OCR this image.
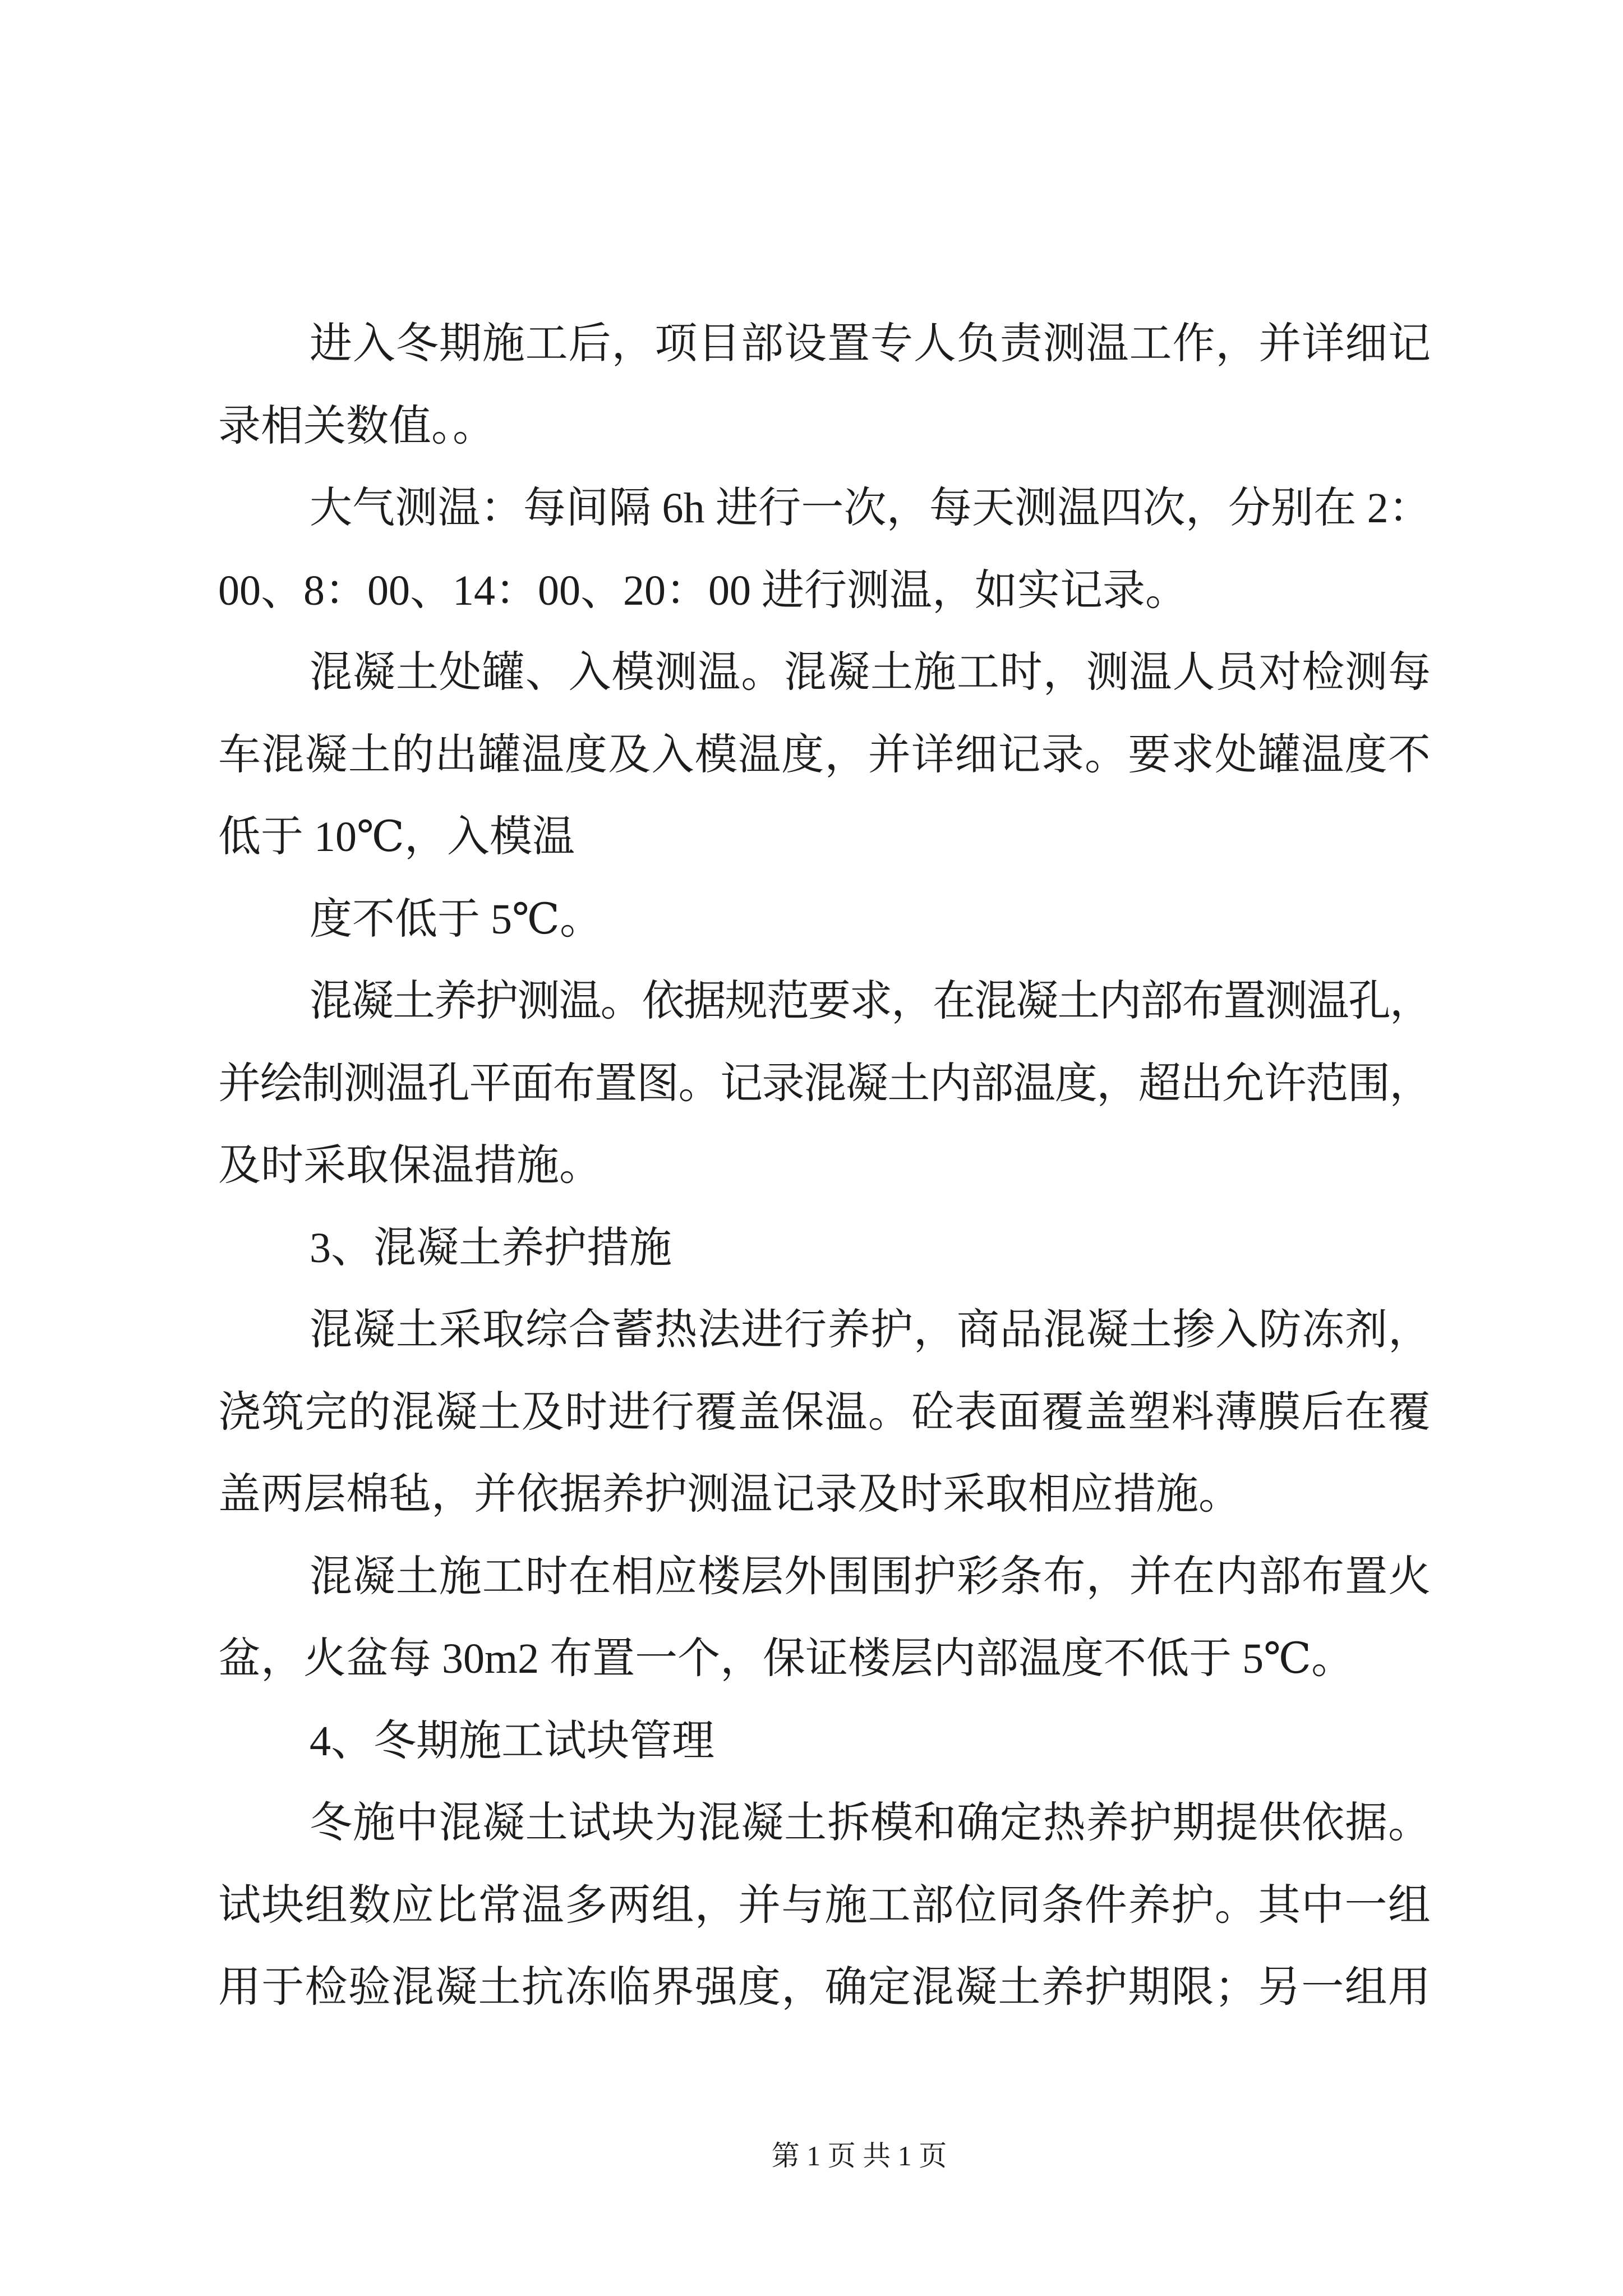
进入冬期施工后，项目部设置专人负责测温工作，并详细记
录相关数值。。
大气测温：每间隔 6h 进行一次，每天测温四次，分别在 2：
00、8：00、14：00、20：00 进行测温，如实记录。
混凝土处罐、入模测温。混凝土施工时，测温人员对检测每
车混凝土的出罐温度及入模温度，并详细记录。要求处罐温度不
低于 10℃，入模温
度不低于 5℃。
混凝土养护测温。依据规范要求，在混凝土内部布置测温孔，
并绘制测温孔平面布置图。记录混凝土内部温度，超出允许范围，
及时采取保温措施。
3、混凝土养护措施
混凝土采取综合蓄热法进行养护，商品混凝土掺入防冻剂，
浇筑完的混凝土及时进行覆盖保温。砼表面覆盖塑料薄膜后在覆
盖两层棉毡，并依据养护测温记录及时采取相应措施。
混凝土施工时在相应楼层外围围护彩条布，并在内部布置火
盆，火盆每 30m2 布置一个，保证楼层内部温度不低于 5℃。
4、冬期施工试块管理
冬施中混凝土试块为混凝土拆模和确定热养护期提供依据。
试块组数应比常温多两组，并与施工部位同条件养护。其中一组
用于检验混凝土抗冻临界强度，确定混凝土养护期限；另一组用
第 1 页 共 1 页
